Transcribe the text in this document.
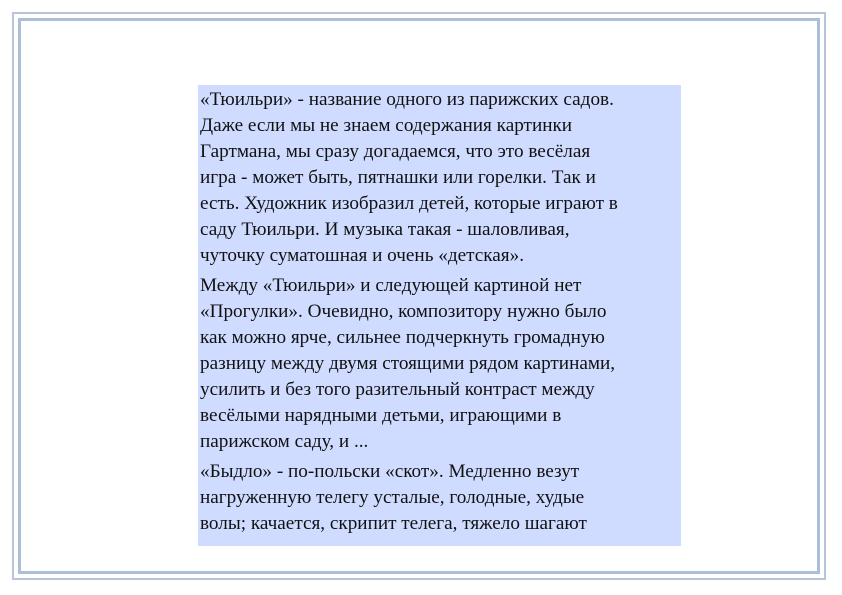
«Тюильри» - название одного из парижских садов.
Даже если мы не знаем содержания картинки
Гартмана, мы сразу догадаемся, что это весёлая
игра - может быть, пятнашки или горелки. Так и
есть. Художник изобразил детей, которые играют в
саду Тюильри. И музыка такая - шаловливая,
чуточку суматошная и очень «детская».

Между «Тюильри» и следующей картиной нет
«Прогулки». Очевидно, композитору нужно было
как можно ярче, сильнее подчеркнуть громадную
разницу между двумя стоящими рядом картинами,
усилить и без того разительный контраст между
весёлыми нарядными детьми, играющими в
парижском саду, и ...

«Быдло» - по-польски «скот». Медленно везут
нагруженную телегу усталые, голодные, худые
волы; качается, скрипит телега, тяжело шагают
